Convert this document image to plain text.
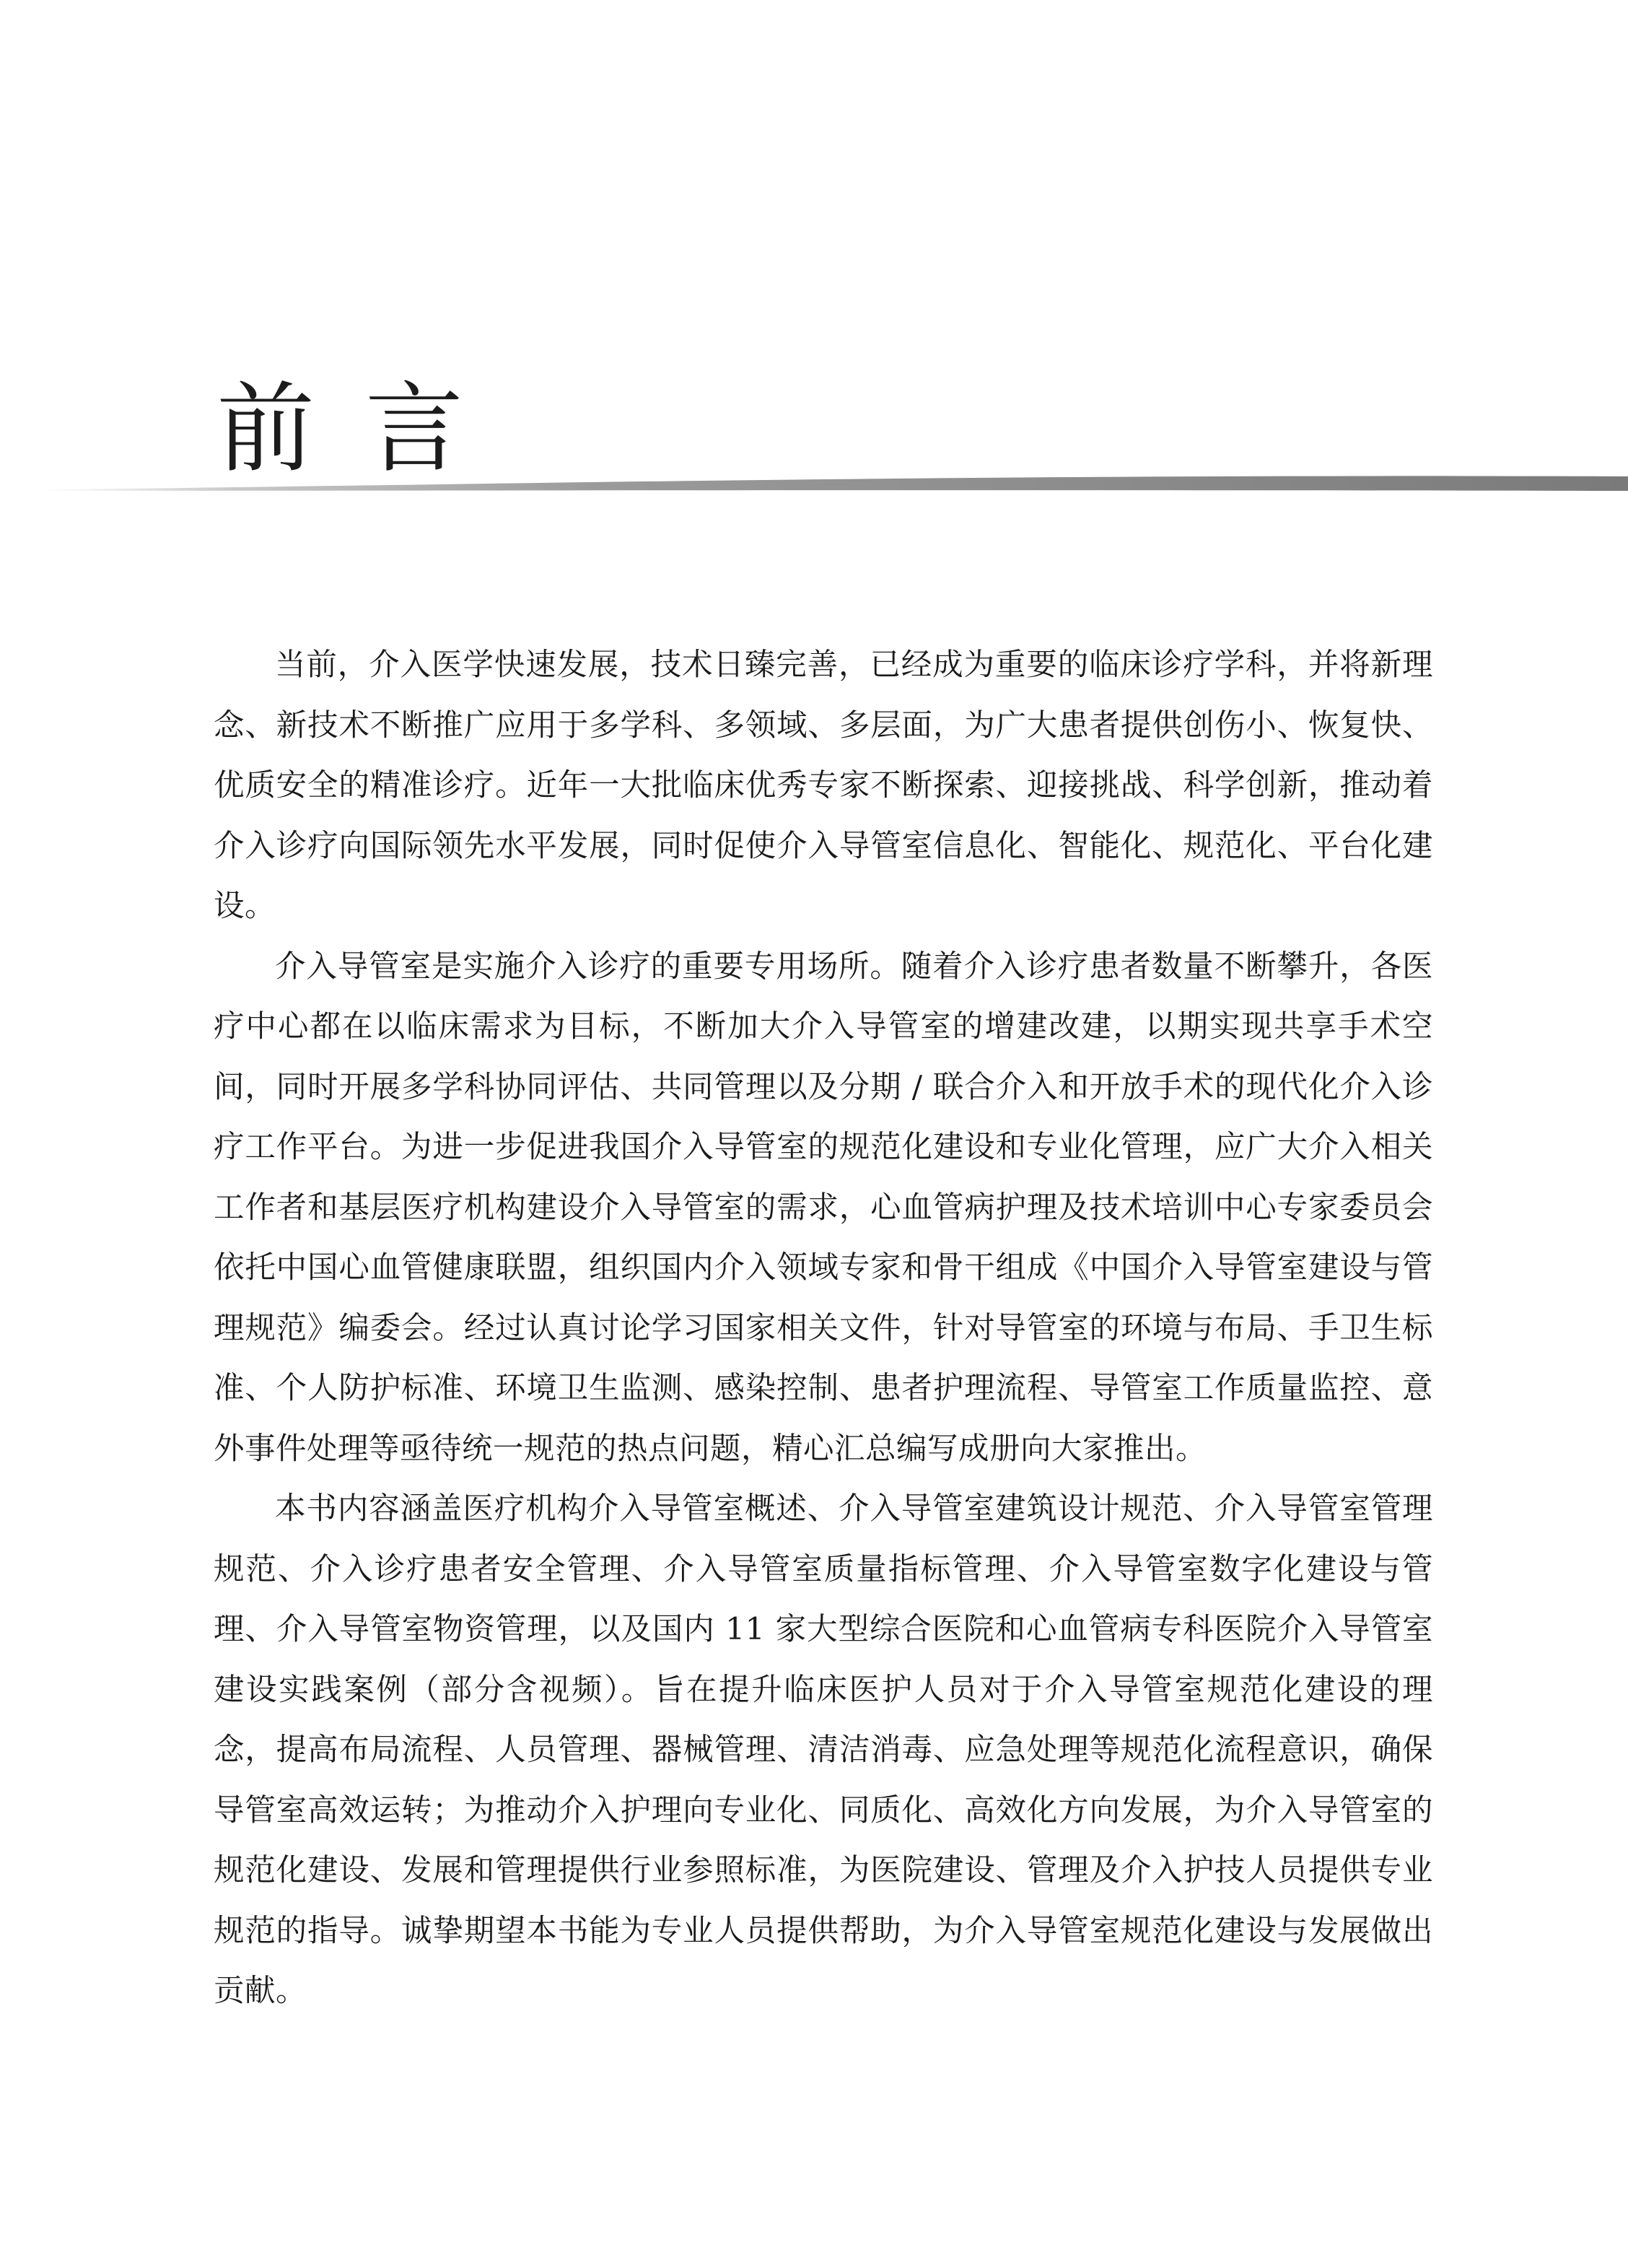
前言

当前，介入医学快速发展，技术日臻完善，已经成为重要的临床诊疗学科，并将新理念、新技术不断推广应用于多学科、多领域、多层面，为广大患者提供创伤小、恢复快、优质安全的精准诊疗。近年一大批临床优秀专家不断探索、迎接挑战、科学创新，推动着介入诊疗向国际领先水平发展，同时促使介入导管室信息化、智能化、规范化、平台化建设。

介入导管室是实施介入诊疗的重要专用场所。随着介入诊疗患者数量不断攀升，各医疗中心都在以临床需求为目标，不断加大介入导管室的增建改建，以期实现共享手术空间，同时开展多学科协同评估、共同管理以及分期 / 联合介入和开放手术的现代化介入诊疗工作平台。为进一步促进我国介入导管室的规范化建设和专业化管理，应广大介入相关工作者和基层医疗机构建设介入导管室的需求，心血管病护理及技术培训中心专家委员会依托中国心血管健康联盟，组织国内介入领域专家和骨干组成《中国介入导管室建设与管理规范》编委会。经过认真讨论学习国家相关文件，针对导管室的环境与布局、手卫生标准、个人防护标准、环境卫生监测、感染控制、患者护理流程、导管室工作质量监控、意外事件处理等亟待统一规范的热点问题，精心汇总编写成册向大家推出。

本书内容涵盖医疗机构介入导管室概述、介入导管室建筑设计规范、介入导管室管理规范、介入诊疗患者安全管理、介入导管室质量指标管理、介入导管室数字化建设与管理、介入导管室物资管理，以及国内 11 家大型综合医院和心血管病专科医院介入导管室建设实践案例（部分含视频）。旨在提升临床医护人员对于介入导管室规范化建设的理念，提高布局流程、人员管理、器械管理、清洁消毒、应急处理等规范化流程意识，确保导管室高效运转；为推动介入护理向专业化、同质化、高效化方向发展，为介入导管室的规范化建设、发展和管理提供行业参照标准，为医院建设、管理及介入护技人员提供专业规范的指导。诚挚期望本书能为专业人员提供帮助，为介入导管室规范化建设与发展做出贡献。
